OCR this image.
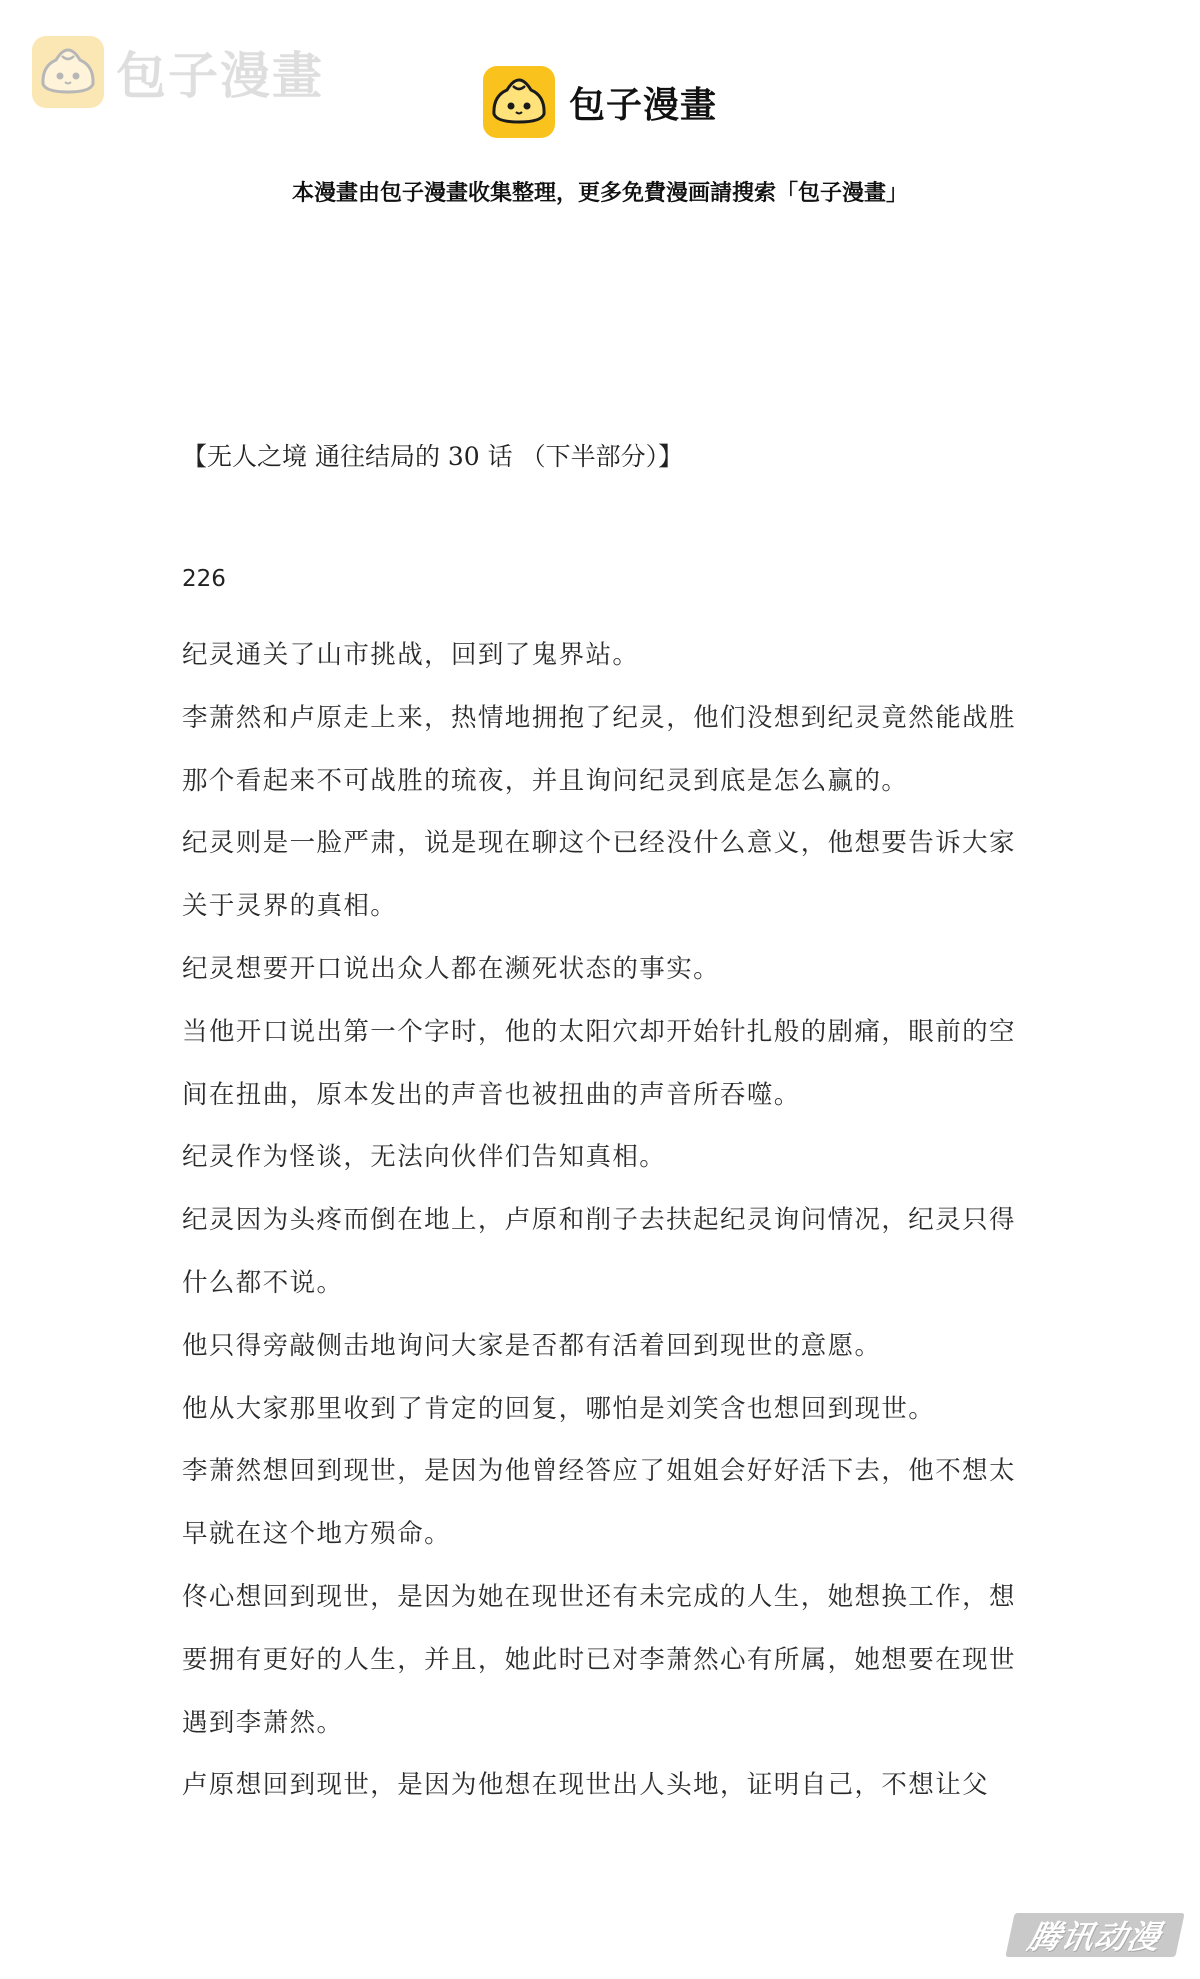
包子漫畫	包子漫畫
本漫畫由包子漫畫收集整理，更多免費漫画請搜索「包子漫畫」
【无人之境 通往结局的 30 话 （下半部分）】
226

纪灵通关了山市挑战，回到了鬼界站。

李萧然和卢原走上来，热情地拥抱了纪灵，他们没想到纪灵竟然能战胜那个看起来不可战胜的琉夜，并且询问纪灵到底是怎么赢的。

纪灵则是一脸严肃，说是现在聊这个已经没什么意义，他想要告诉大家关于灵界的真相。

纪灵想要开口说出众人都在濒死状态的事实。

当他开口说出第一个字时，他的太阳穴却开始针扎般的剧痛，眼前的空间在扭曲，原本发出的声音也被扭曲的声音所吞噬。

纪灵作为怪谈，无法向伙伴们告知真相。

纪灵因为头疼而倒在地上，卢原和削子去扶起纪灵询问情况，纪灵只得什么都不说。

他只得旁敲侧击地询问大家是否都有活着回到现世的意愿。

他从大家那里收到了肯定的回复，哪怕是刘笑含也想回到现世。

李萧然想回到现世，是因为他曾经答应了姐姐会好好活下去，他不想太早就在这个地方殒命。

佟心想回到现世，是因为她在现世还有未完成的人生，她想换工作，想要拥有更好的人生，并且，她此时已对李萧然心有所属，她想要在现世遇到李萧然。

卢原想回到现世，是因为他想在现世出人头地，证明自己，不想让父

腾讯动漫
